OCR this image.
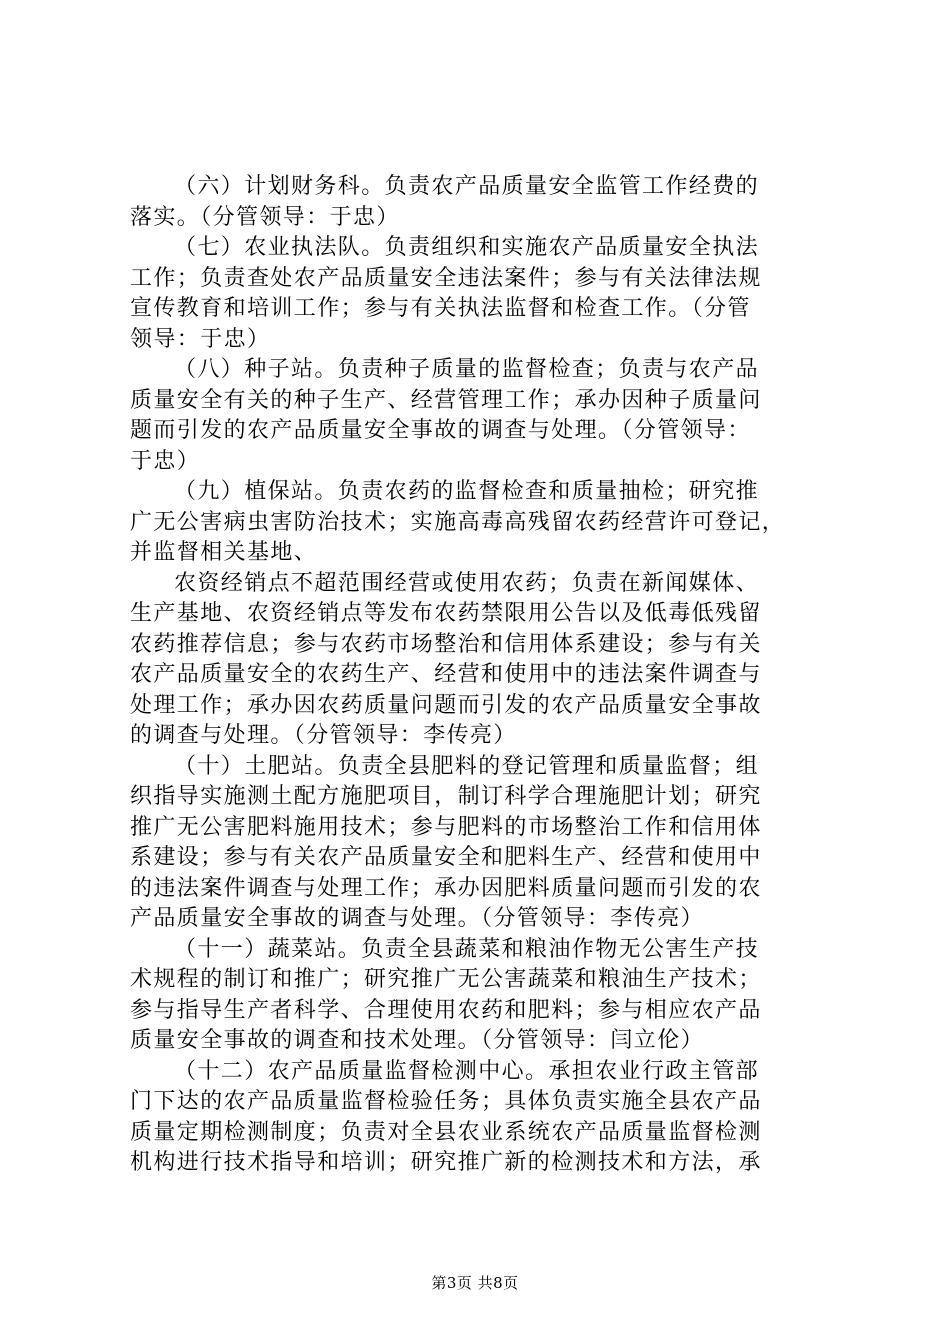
（六）计划财务科。负责农产品质量安全监管工作经费的
落实。（分管领导：于忠）
（七）农业执法队。负责组织和实施农产品质量安全执法
工作；负责查处农产品质量安全违法案件；参与有关法律法规
宣传教育和培训工作；参与有关执法监督和检查工作。（分管
领导：于忠）
（八）种子站。负责种子质量的监督检查；负责与农产品
质量安全有关的种子生产、经营管理工作；承办因种子质量问
题而引发的农产品质量安全事故的调查与处理。（分管领导：
于忠）
（九）植保站。负责农药的监督检查和质量抽检；研究推
广无公害病虫害防治技术；实施高毒高残留农药经营许可登记，
并监督相关基地、
农资经销点不超范围经营或使用农药；负责在新闻媒体、
生产基地、农资经销点等发布农药禁限用公告以及低毒低残留
农药推荐信息；参与农药市场整治和信用体系建设；参与有关
农产品质量安全的农药生产、经营和使用中的违法案件调查与
处理工作；承办因农药质量问题而引发的农产品质量安全事故
的调查与处理。（分管领导：李传亮）
（十）土肥站。负责全县肥料的登记管理和质量监督；组
织指导实施测土配方施肥项目，制订科学合理施肥计划；研究
推广无公害肥料施用技术；参与肥料的市场整治工作和信用体
系建设；参与有关农产品质量安全和肥料生产、经营和使用中
的违法案件调查与处理工作；承办因肥料质量问题而引发的农
产品质量安全事故的调查与处理。（分管领导：李传亮）
（十一）蔬菜站。负责全县蔬菜和粮油作物无公害生产技
术规程的制订和推广；研究推广无公害蔬菜和粮油生产技术；
参与指导生产者科学、合理使用农药和肥料；参与相应农产品
质量安全事故的调查和技术处理。（分管领导：闫立伦）
（十二）农产品质量监督检测中心。承担农业行政主管部
门下达的农产品质量监督检验任务；具体负责实施全县农产品
质量定期检测制度；负责对全县农业系统农产品质量监督检测
机构进行技术指导和培训；研究推广新的检测技术和方法，承
第3页 共8页
